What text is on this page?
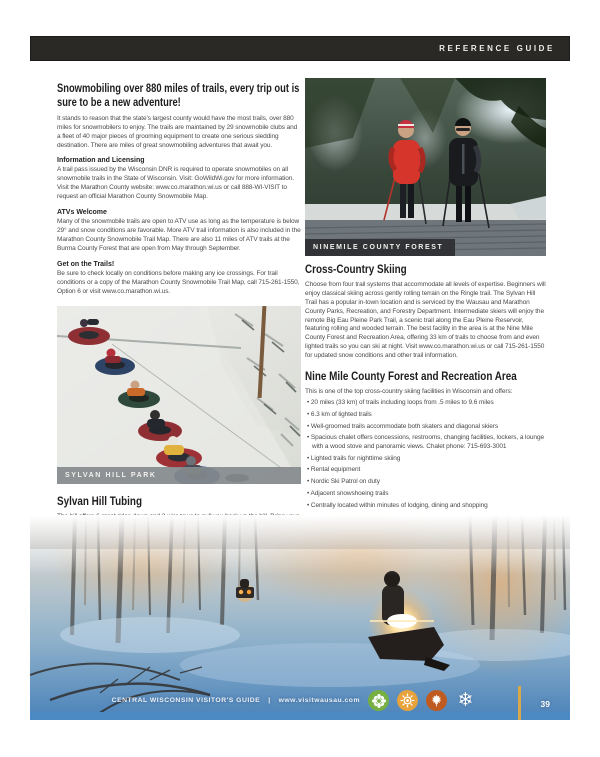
REFERENCE GUIDE
Snowmobiling over 880 miles of trails, every trip out is sure to be a new adventure!

It stands to reason that the state's largest county would have the most trails, over 880 miles for snowmobilers to enjoy. The trails are maintained by 29 snowmobile clubs and a fleet of 40 major pieces of grooming equipment to create one serious sledding destination. There are miles of great snowmobiling adventures that await you.

Information and Licensing

A trail pass issued by the Wisconsin DNR is required to operate snowmobiles on all snowmobile trails in the State of Wisconsin. Visit: GoWildWi.gov for more information. Visit the Marathon County website: www.co.marathon.wi.us or call 888-WI-VISIT to request an official Marathon County Snowmobile Map.

ATVs Welcome

Many of the snowmobile trails are open to ATV use as long as the temperature is below 29° and snow conditions are favorable. More ATV trail information is also included in the Marathon County Snowmobile Trail Map. There are also 11 miles of ATV trails at the Burma County Forest that are open from May through September.

Get on the Trails!

Be sure to check locally on conditions before making any ice crossings. For trail conditions or a copy of the Marathon County Snowmobile Trail Map, call 715-261-1550, Option 6 or visit www.co.marathon.wi.us.

SYLVAN HILL PARK
Sylvan Hill Tubing

NINEMILE COUNTY FOREST
Cross-Country Skiing

Choose from four trail systems that accommodate all levels of expertise. Beginners will enjoy classical skiing across gently rolling terrain on the Ringle trail. The Sylvan Hill Trail has a popular in-town location and is serviced by the Wausau and Marathon County Parks, Recreation, and Forestry Department. Intermediate skiers will enjoy the remote Big Eau Pleine Park Trail, a scenic trail along the Eau Pleine Reservoir, featuring rolling and wooded terrain. The best facility in the area is at the Nine Mile County Forest and Recreation Area, offering 33 km of trails to choose from and even lighted trails so you can ski at night. Visit www.co.marathon.wi.us or call 715-261-1550 for updated snow conditions and other trail information.

Nine Mile County Forest and Recreation Area

This is one of the top cross-country skiing facilities in Wisconsin and offers:

• 20 miles (33 km) of trails including loops from .5 miles to 9.6 miles
• 6.3 km of lighted trails
• Well-groomed trails accommodate both skaters and diagonal skiers
• Spacious chalet offers concessions, restrooms, changing facilities, lockers, a lounge with a wood stove and panoramic views. Chalet phone: 715-693-3001
• Lighted trails for nighttime skiing
• Rental equipment
• Nordic Ski Patrol on duty
• Adjacent snowshoeing trails
• Centrally located within minutes of lodging, dining and shopping
CENTRAL WISCONSIN VISITOR'S GUIDE | www.visitwausau.com	❄	39
